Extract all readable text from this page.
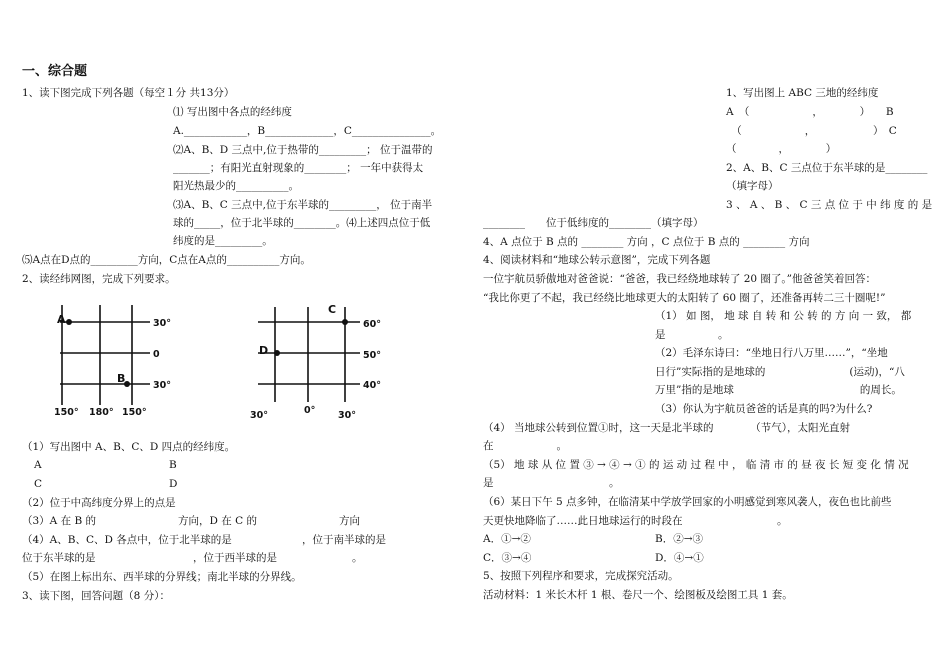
一、综合题
1、读下图完成下列各题（每空１分 共13分）
⑴ 写出图中各点的经纬度
A.____________，B_____________，C_______________。
⑵A、B、D 三点中,位于热带的_________； 位于温带的
_______；有阳光直射现象的________； 一年中获得太
阳光热最少的__________。
⑶A、B、C 三点中,位于东半球的_________， 位于南半
球的_____，位于北半球的________。⑷上述四点位于低
纬度的是_________。
⑸A点在D点的_________方向，C点在A点的__________方向。
2、读经纬网图，完成下列要求。
A
B
30°
0
30°
150° 180° 150°
C
D
60°
50°
40°
30°	0° 30°
（1）写出图中 A、B、C、D 四点的经纬度。
A	B
C	D
（2）位于中高纬度分界上的点是
（3）A 在 B 的	方向，D 在 C 的	方向
（4）A、B、C、D 各点中，位于北半球的是	，位于南半球的是
位于东半球的是	，位于西半球的是	。
（5）在图上标出东、西半球的分界线；南北半球的分界线。
3、读下图，回答问题（8 分）：
1、写出图上 ABC 三地的经纬度
A　（　　　　　　，　　　　）　　B
　（　　　　　　，　　　　　　）　C
（　　　　，　　　　）
2、A、B、C 三点位于东半球的是________
（填字母）
3 、 A 、 B 、 C 三 点 位 于 中 纬 度 的 是
________　　位于低纬度的________（填字母）
4、A 点位于 B 点的 ________ 方向 ，C 点位于 B 点的 ________ 方向
4、阅读材料和“地球公转示意图”，完成下列各题
一位宇航员骄傲地对爸爸说：“爸爸，我已经绕地球转了 20 圈了。”他爸爸笑着回答：
“我比你更了不起，我已经绕比地球更大的太阳转了 60 圈了，还准备再转二三十圈呢!”
（1） 如 图， 地 球 自 转 和 公 转 的 方 向 一 致， 都
是　　　　　。
（2）毛泽东诗曰：“坐地日行八万里……”，“坐地
日行”实际指的是地球的　　　　　　　　(运动)，“八
万里”指的是地球　　　　　　　　　　　　的周长。
（3）你认为宇航员爸爸的话是真的吗?为什么?
（4） 当地球公转到位置①时，这一天是北半球的　　　　（节气），太阳光直射
在　　　　　　。
（5） 地 球 从 位 置 ③ → ④ → ① 的 运 动 过 程 中 ， 临 清 市 的 昼 夜 长 短 变 化 情 况
是　　　　　　　　　　　。
（6）某日下午 5 点多钟，在临清某中学放学回家的小明感觉到寒风袭人，夜色也比前些
天更快地降临了……此日地球运行的时段在　　　　　　　　　。
A．①→②	B．②→③
C．③→④	D．④→①
5、按照下列程序和要求，完成探究活动。
活动材料：1 米长木杆 1 根、卷尺一个、绘图板及绘图工具 1 套。
